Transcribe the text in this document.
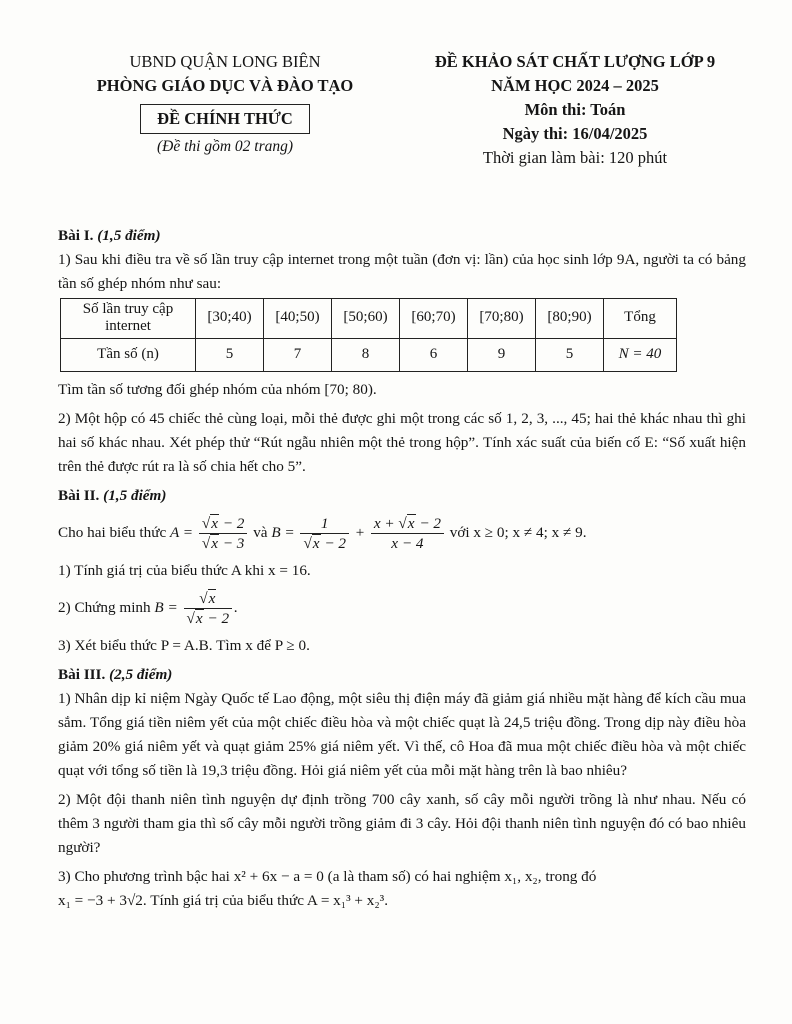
UBND QUẬN LONG BIÊN
PHÒNG GIÁO DỤC VÀ ĐÀO TẠO
ĐỀ CHÍNH THỨC
(Đề thi gồm 02 trang)
ĐỀ KHẢO SÁT CHẤT LƯỢNG LỚP 9
NĂM HỌC 2024 – 2025
Môn thi: Toán
Ngày thi: 16/04/2025
Thời gian làm bài: 120 phút

Bài I. (1,5 điểm)

1) Sau khi điều tra về số lần truy cập internet trong một tuần (đơn vị: lần) của học sinh lớp 9A, người ta có bảng tần số ghép nhóm như sau:

Số lần truy cập internet	[30;40)	[40;50)	[50;60)	[60;70)	[70;80)	[80;90)	Tổng
Tần số (n)	5	7	8	6	9	5	N = 40

Tìm tần số tương đối ghép nhóm của nhóm [70; 80).

2) Một hộp có 45 chiếc thẻ cùng loại, mỗi thẻ được ghi một trong các số 1, 2, 3, ..., 45; hai thẻ khác nhau thì ghi hai số khác nhau. Xét phép thử “Rút ngẫu nhiên một thẻ trong hộp”. Tính xác suất của biến cố E: “Số xuất hiện trên thẻ được rút ra là số chia hết cho 5”.

Bài II. (1,5 điểm)

Cho hai biểu thức $A = \frac{√x - 2}{√x - 3}$ và $B = \frac{1}{√x - 2} + \frac{x + √x - 2}{x - 4}$ với x ≥ 0; x ≠ 4; x ≠ 9.

1) Tính giá trị của biểu thức A khi x = 16.

2) Chứng minh $B = \frac{√x}{√x - 2}$ .

3) Xét biểu thức P = A.B. Tìm x để P ≥ 0.

Bài III. (2,5 điểm)

1) Nhân dịp kỉ niệm Ngày Quốc tế Lao động, một siêu thị điện máy đã giảm giá nhiều mặt hàng để kích cầu mua sắm. Tổng giá tiền niêm yết của một chiếc điều hòa và một chiếc quạt là 24,5 triệu đồng. Trong dịp này điều hòa giảm 20% giá niêm yết và quạt giảm 25% giá niêm yết. Vì thế, cô Hoa đã mua một chiếc điều hòa và một chiếc quạt với tổng số tiền là 19,3 triệu đồng. Hỏi giá niêm yết của mỗi mặt hàng trên là bao nhiêu?

2) Một đội thanh niên tình nguyện dự định trồng 700 cây xanh, số cây mỗi người trồng là như nhau. Nếu có thêm 3 người tham gia thì số cây mỗi người trồng giảm đi 3 cây. Hỏi đội thanh niên tình nguyện đó có bao nhiêu người?

3) Cho phương trình bậc hai x² + 6x − a = 0 (a là tham số) có hai nghiệm x₁, x₂, trong đó

x₁ = −3 + 3√2. Tính giá trị của biểu thức A = x₁³ + x₂³.
